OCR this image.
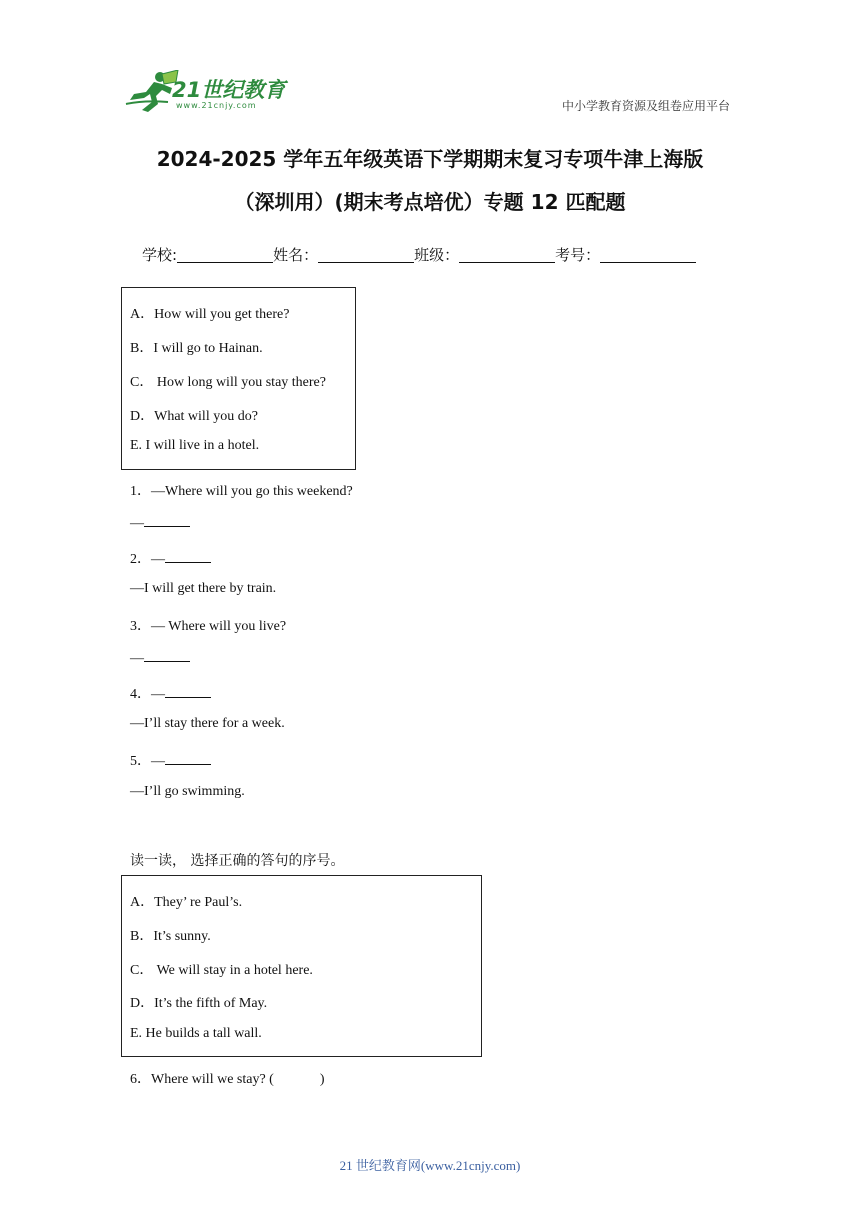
21世纪教育
www.21cnjy.com	中小学教育资源及组卷应用平台
2024-2025 学年五年级英语下学期期末复习专项牛津上海版
（深圳用）(期末考点培优）专题 12 匹配题
学校:	姓名：	班级：	考号：
A．How will you get there?
B．I will go to Hainan.
C． How long will you stay there?
D．What will you do?
E. I will live in a hotel.
1．—Where will you go this weekend?
—
2．—
—I will get there by train.
3．— Where will you live?
—
4．—
—I’ll stay there for a week.
5．—
—I’ll go swimming.
读一读， 选择正确的答句的序号。
A．They’ re Paul’s.
B．It’s sunny.
C． We will stay in a hotel here.
D．It’s the fifth of May.
E. He builds a tall wall.
6．Where will we stay? (	)
21 世纪教育网(www.21cnjy.com)
